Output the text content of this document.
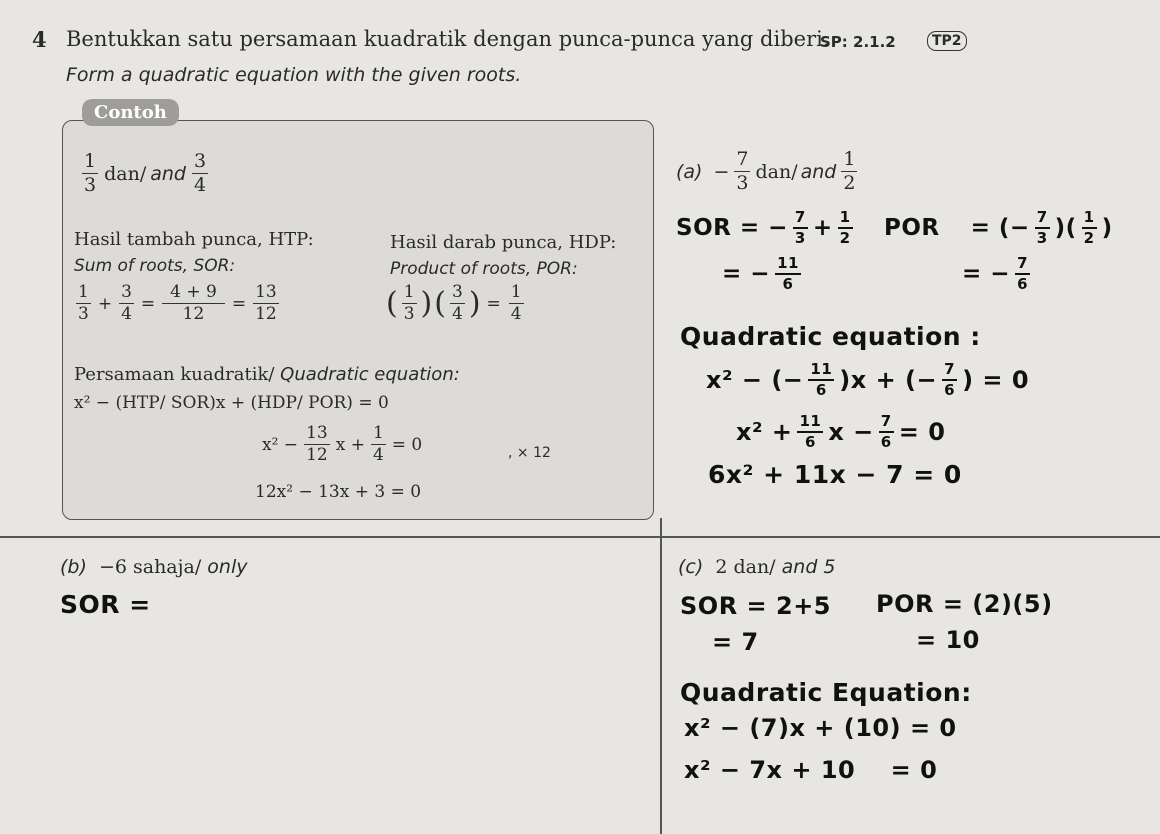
4 Bentukkan satu persamaan kuadratik dengan punca-punca yang diberi.
SP: 2.1.2	TP2
Form a quadratic equation with the given roots.
Contoh
$\frac{1}{3} dan/$ and $\frac{3}{4}$
Hasil tambah punca, HTP:
Sum of roots, SOR:
Hasil darab punca, HDP:
Product of roots, POR:
$\frac{1}{3} + \frac{3}{4} = \frac{4 + 9}{12} = \frac{13}{12}$	( $\frac{1}{3}$ ) ( $\frac{3}{4}$ ) = $\frac{1}{4}$
Persamaan kuadratik/ Quadratic equation:
x² − (HTP/ SOR)x + (HDP/ POR) = 0
$x^2 - \frac{13}{12}$ $x + \frac{1}{4} = 0$	, × 12
12x² − 13x + 3 = 0
$(a) - \frac{7}{3} dan/$ and $\frac{1}{2}$
SOR = − $\frac{7}{3} + \frac{1}{2}$
= − $\frac{11}{6}$
POR = (− $\frac{7}{3}$ )( $\frac{1}{2}$ )
= − $\frac{7}{6}$
Quadratic equation :
x² − (− $\frac{11}{6} )x$ + (− $\frac{7}{6}$ ) = 0
$x^2 + \frac{11}{6}$ $x - \frac{7}{6} = 0$
6x² + 11x − 7 = 0
(b) −6 sahaja/ only
SOR =
(c) 2 dan/ and 5
SOR = 2+5
= 7
POR = (2)(5)
= 10
Quadratic Equation:
x² − (7)x + (10) = 0
x² − 7x + 10    = 0
